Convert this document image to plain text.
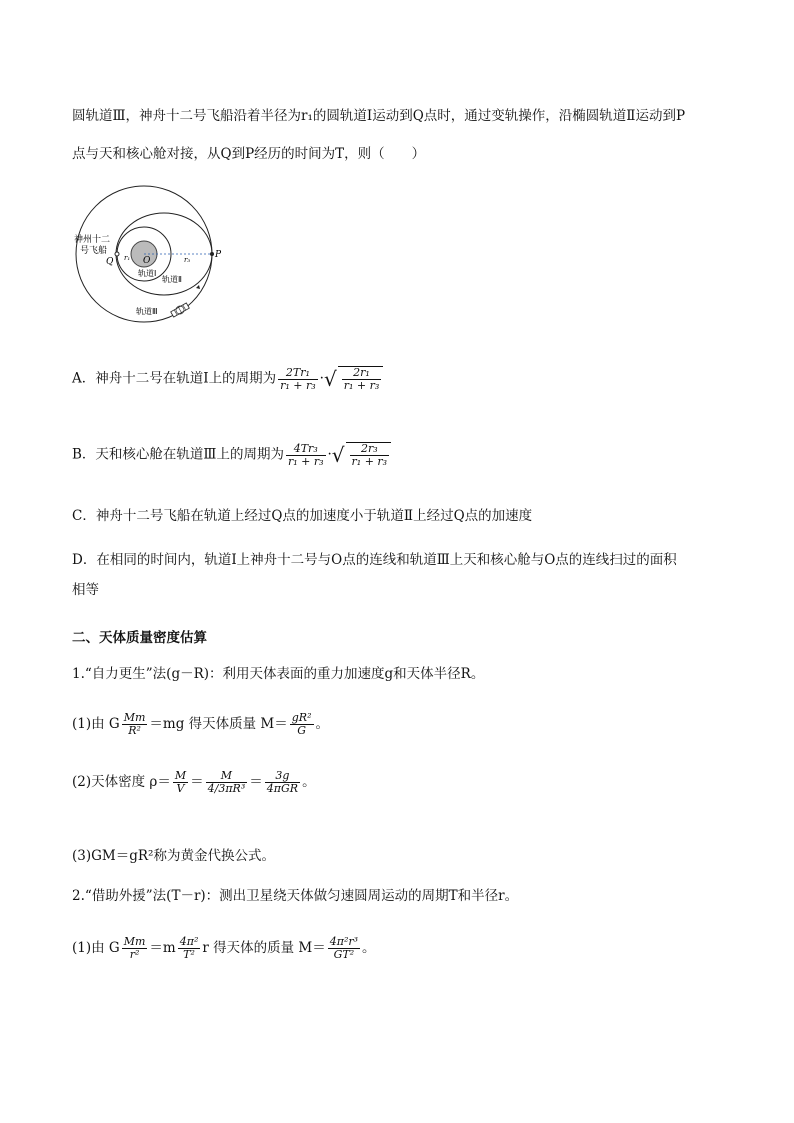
圆轨道Ⅲ，神舟十二号飞船沿着半径为r₁的圆轨道Ⅰ运动到Q点时，通过变轨操作，沿椭圆轨道Ⅱ运动到P
点与天和核心舱对接，从Q到P经历的时间为T，则（　　）
神州十二
号飞船
Q
P
O
r₁	r₃
轨道Ⅰ
轨道Ⅱ
轨道Ⅲ
A．神舟十二号在轨道Ⅰ上的周期为 $\frac{\text{2Tr₁}}{\text{r₁ + r₃}}$ ·√ $\frac{\text{2r₁}}{\text{r₁ + r₃}}$
B．天和核心舱在轨道Ⅲ上的周期为 $\frac{\text{4Tr₃}}{\text{r₁ + r₃}}$ ·√ $\frac{\text{2r₃}}{\text{r₁ + r₃}}$
C．神舟十二号飞船在轨道上经过Q点的加速度小于轨道Ⅱ上经过Q点的加速度
D．在相同的时间内，轨道Ⅰ上神舟十二号与O点的连线和轨道Ⅲ上天和核心舱与O点的连线扫过的面积
相等
二、天体质量密度估算
1.“自力更生”法(g－R)：利用天体表面的重力加速度g和天体半径R。
(1)由 G $\frac{Mm}{\text{R²}} =mg$ 得天体质量 $M= \frac{\text{gR²}}{G}$ 。
(2)天体密度 $\rho= \frac{M}{V} = \frac{M}{\text{4/3πR³}} = \frac{3g}{\text{4πGR}}$ 。
(3)GM＝gR²称为黄金代换公式。
2.“借助外援”法(T－r)：测出卫星绕天体做匀速圆周运动的周期T和半径r。
(1)由 G $\frac{Mm}{\text{r²}} =m \frac{\text{4π²}}{\text{T²}}$ r 得天体的质量 $M= \frac{\text{4π²r³}}{\text{GT²}}$ 。
